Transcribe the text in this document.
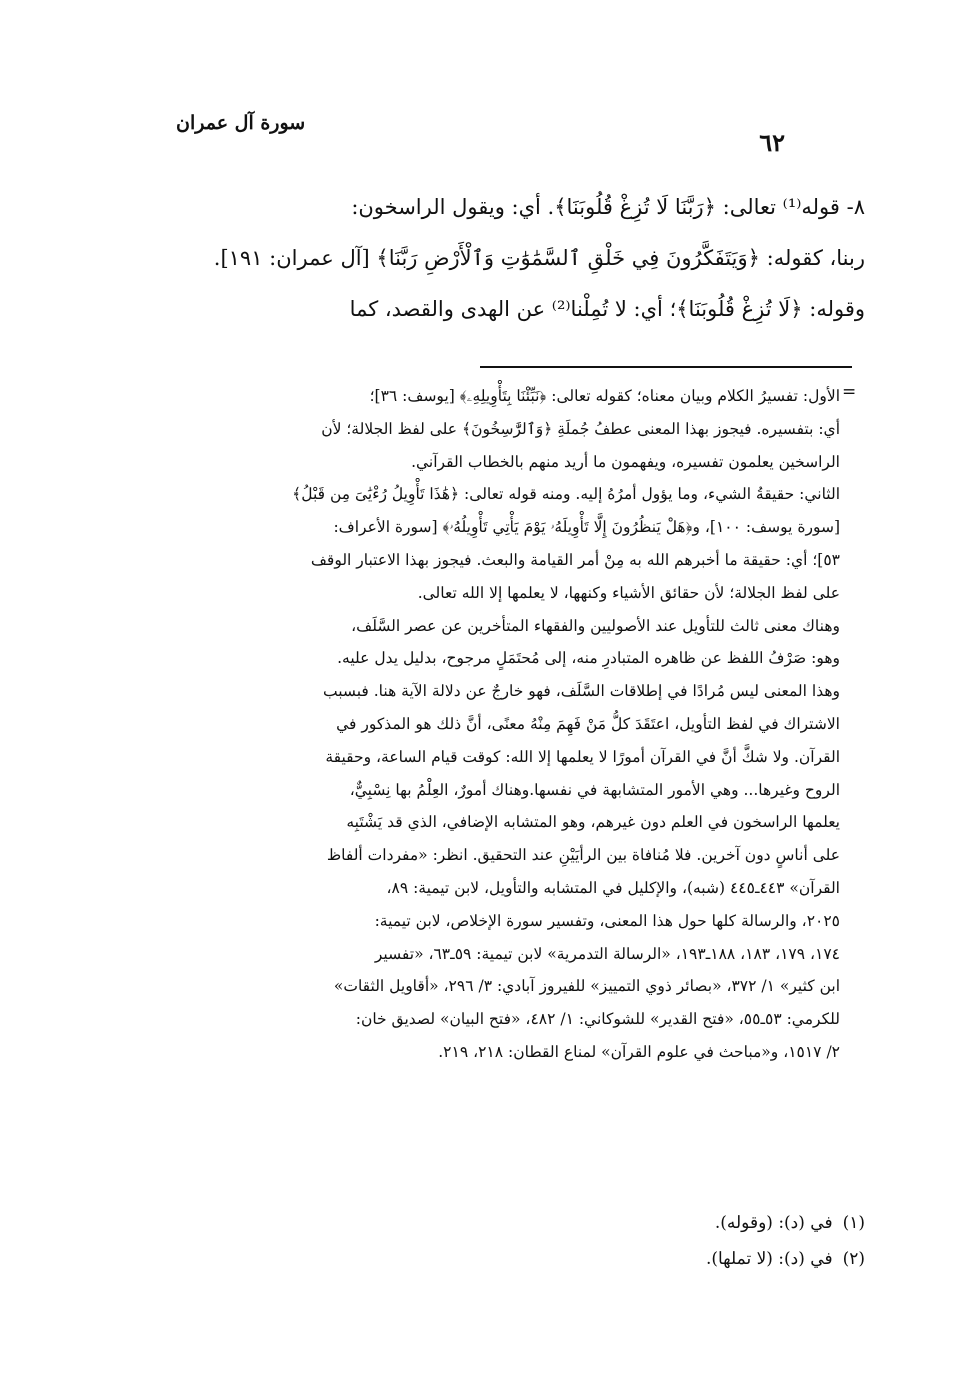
سورة آل عمران
٦٢
٨- قوله⁽¹⁾ تعالى: ﴿رَبَّنَا لَا تُزِغْ قُلُوبَنَا﴾. أي: ويقول الراسخون:
ربنا، كقوله: ﴿وَيَتَفَكَّرُونَ فِي خَلْقِ ٱلسَّمَٰوَٰتِ وَٱلْأَرْضِ رَبَّنَا﴾ [آل عمران: ١٩١].
وقوله: ﴿لَا تُزِغْ قُلُوبَنَا﴾؛ أي: لا تُمِلْنا⁽²⁾ عن الهدى والقصد، كما
=
الأول: تفسيرُ الكلام وبيان معناه؛ كقوله تعالى: ﴿نَبِّئْنَا بِتَأْوِيلِهِۦ﴾ [يوسف: ٣٦]؛
أي: بتفسيره. فيجوز بهذا المعنى عطفُ جُملَةِ ﴿وَٱلرَّٰسِخُونَ﴾ على لفظ الجلالة؛ لأن
الراسخين يعلمون تفسيره، ويفهمون ما أريد منهم بالخطاب القرآني.
الثاني: حقيقةُ الشيء، وما يؤول أمرُهُ إليه. ومنه قوله تعالى: ﴿هَٰذَا تَأْوِيلُ رُءْيَٰىَ مِن قَبْلُ﴾
[سورة يوسف: ١٠٠]، و﴿هَلْ يَنظُرُونَ إِلَّا تَأْوِيلَهُۥ يَوْمَ يَأْتِي تَأْوِيلُهُۥ﴾ [سورة الأعراف:
٥٣]؛ أي: حقيقة ما أخبرهم الله به مِنْ أمر القيامة والبعث. فيجوز بهذا الاعتبار الوقف
على لفظ الجلالة؛ لأن حقائق الأشياء وكنهها، لا يعلمها إلا الله تعالى.
وهناك معنى ثالث للتأويل عند الأصوليين والفقهاء المتأخرين عن عصر السَّلَف،
وهو: صَرْفُ اللفظ عن ظاهره المتبادرِ منه، إلى مُحتَمَلٍ مرجوح، بدليل يدل عليه.
وهذا المعنى ليس مُرادًا في إطلاقات السَّلَف، فهو خارجٌ عن دلالة الآية هنا. فبسبب
الاشتراك في لفظ التأويل، اعتَقَدَ كلُّ مَنْ فَهِمَ مِنْهُ معنًى، أنَّ ذلك هو المذكور في
القرآن. ولا شكَّ أنَّ في القرآن أمورًا لا يعلمها إلا الله: كوقت قيام الساعة، وحقيقة
الروح وغيرها... وهي الأمور المتشابهة في نفسها.وهناك أمورٌ، العِلْمُ بها نِسْبِيٌّ،
يعلمها الراسخون في العلم دون غيرهم، وهو المتشابه الإضافي، الذي قد يَشْتَبِه
على أناسٍ دون آخرين. فلا مُنافاة بين الرأيَيْنِ عند التحقيق. انظر: «مفردات ألفاظ
القرآن» ٤٤٣ـ٤٤٥ (شبه)، والإكليل في المتشابه والتأويل، لابن تيمية: ٨٩،
٢٠٢٥، والرسالة كلها حول هذا المعنى، وتفسير سورة الإخلاص، لابن تيمية:
١٧٤، ١٧٩، ١٨٣، ١٨٨ـ١٩٣، «الرسالة التدمرية» لابن تيمية: ٥٩ـ٦٣، «تفسير
ابن كثير» ١/ ٣٧٢، «بصائر ذوي التمييز» للفيروز آبادي: ٣/ ٢٩٦، «أقاويل الثقات»
للكرمي: ٥٣ـ٥٥، «فتح القدير» للشوكاني: ١/ ٤٨٢، «فتح البيان» لصديق خان:
٢/ ١٥١٧، و«مباحث في علوم القرآن» لمناع القطان: ٢١٨، ٢١٩.
(١)في (د): (وقوله).
(٢)في (د): (لا تملها).
